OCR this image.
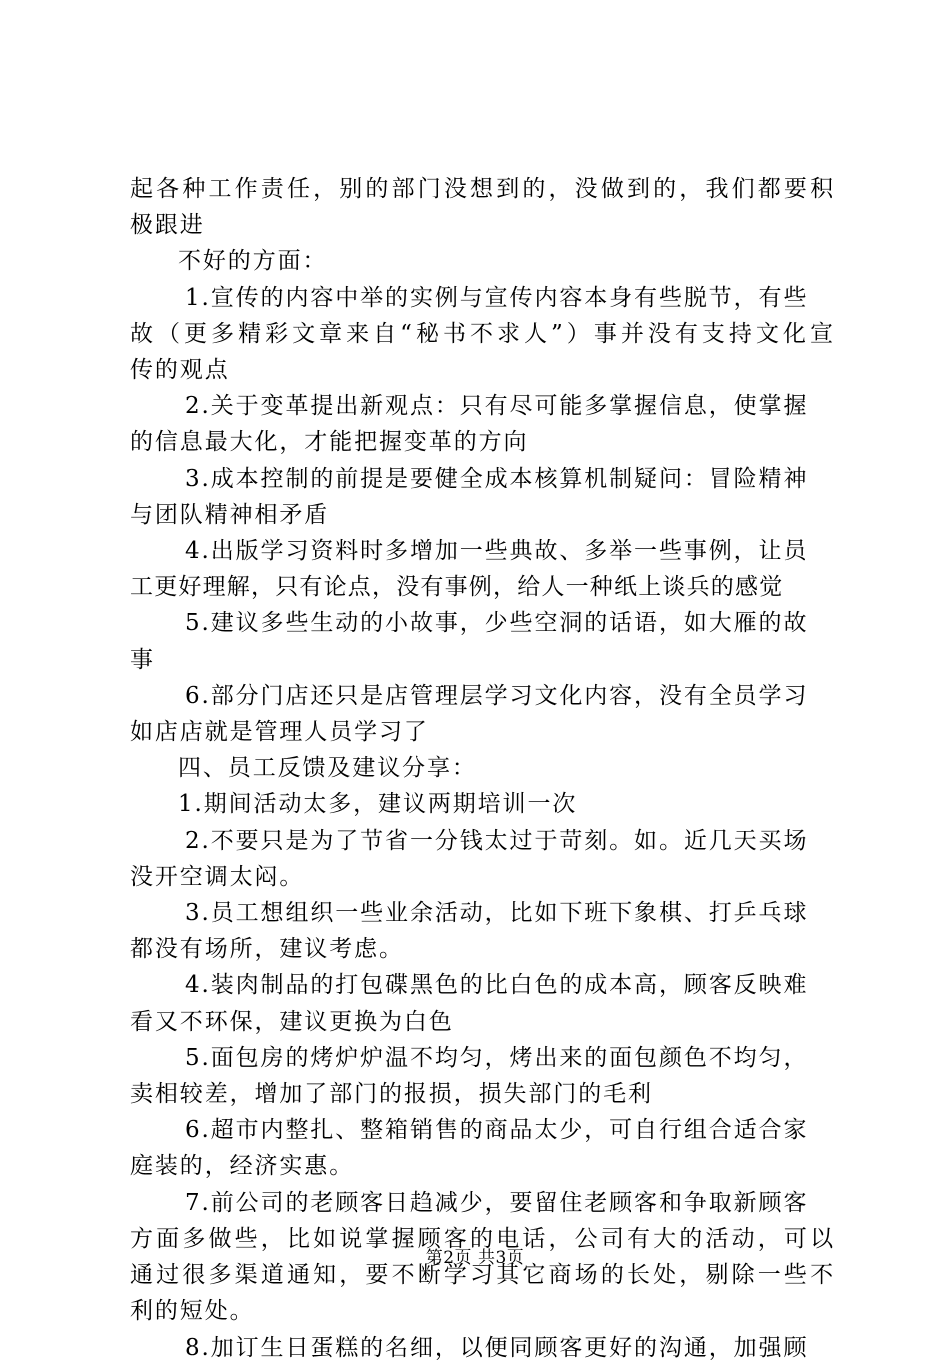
起 各 种 工 作 责 任 ， 别 的 部 门 没 想 到 的 ， 没 做 到 的 ， 我 们 都 要 积
极跟进
不好的方面：
1.宣传的内容中举的实例与宣传内容本身有些脱节，有些
故 （ 更 多 精 彩 文 章 来 自 “ 秘 书 不 求 人 ” ） 事 并 没 有 支 持 文 化 宣
传的观点
2.关于变革提出新观点：只有尽可能多掌握信息，使掌握
的信息最大化，才能把握变革的方向
3.成本控制的前提是要健全成本核算机制疑问：冒险精神
与团队精神相矛盾
4.出版学习资料时多增加一些典故、多举一些事例，让员
工更好理解，只有论点，没有事例，给人一种纸上谈兵的感觉
5.建议多些生动的小故事，少些空洞的话语，如大雁的故
事
6.部分门店还只是店管理层学习文化内容，没有全员学习
如店店就是管理人员学习了
四、员工反馈及建议分享：
1.期间活动太多，建议两期培训一次
2.不要只是为了节省一分钱太过于苛刻。如。近几天买场
没开空调太闷。
3.员工想组织一些业余活动，比如下班下象棋、打乒乓球
都没有场所，建议考虑。
4.装肉制品的打包碟黑色的比白色的成本高，顾客反映难
看又不环保，建议更换为白色
5.面包房的烤炉炉温不均匀，烤出来的面包颜色不均匀，
卖相较差，增加了部门的报损，损失部门的毛利
6.超市内整扎、整箱销售的商品太少，可自行组合适合家
庭装的，经济实惠。
7.前公司的老顾客日趋减少，要留住老顾客和争取新顾客
方 面 多 做 些 ， 比 如 说 掌 握 顾 客 的 电 话 ， 公 司 有 大 的 活 动 ， 可 以
通 过 很 多 渠 道 通 知 ， 要 不 断 学 习 其 它 商 场 的 长 处 ， 剔 除 一 些 不
利的短处。
8.加订生日蛋糕的名细，以便同顾客更好的沟通，加强顾
第2页 共3页
